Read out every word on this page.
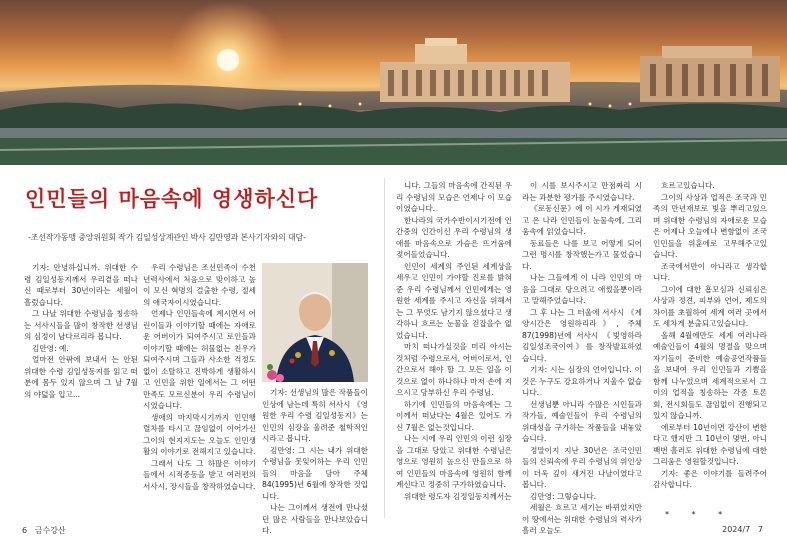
인민들의 마음속에 영생하신다
-조선작가동맹 중앙위원회 작가 김일성상계관인 박사 김만영과 본사기자와의 대담-

기자: 안녕하십니까. 위대한 수령 김일성동지께서 우리곁을 떠나신 때로부터 30년이라는 세월이 흘렀습니다.

그 나날 위대한 수령님을 칭송하는 서사시들을 많이 창작한 선생님의 심정이 남다르리라 봅니다.

김만영: 예.

얼마전 안팎에 보내서 는 안된 위대한 수령 김일성동지를 읽고 떠분에 몸두 있지 않으며 그 날 7월의 야덟을 입고...

우리 수령님은 조선민족이 수천년력사에서 처음으로 맞이하고 높이 모신 혁명의 걸출한 수령, 절세의 애국자이시였습니다.

언제나 인민들속에 계시면서 어린이들과 이야기할 때에는 자애로운 어버이가 되여주시고 로인들과 이야기할 때에는 허물없는 친우가 되여주시며 그들과 사소한 걱정도 없이 소탈하고 진박하게 생활하시고 인민을 위한 일에서는 그 어떤 만족도 모르신분이 우리 수령님이시였습니다.

생애의 마지막시기까지 인민행렬차를 타시고 끊임없이 이어가신 그이의 현지지도는 오늘도 인민생활의 이야기로 전해지고 있습니다.

그래서 나도 그 하많은 이야기들에서 시적종동을 받고 여러편의 서사시, 장시들을 창작하였습니다.

기자: 선생님의 많은 작품들이 인상에 남는데 특히 서사시 《영원한 우리 수령 김일성동지》는 인민의 심장을 울려준 철학적인 시라고 봅니다.

김만영: 그 시는 내가 위대한 수령님을 못잊어하는 우리 인민들의 마음을 담아 주체84(1995)년 6월에 창작한 것입니다.

나는 그이께서 생전에 만나셨던 많은 사람들을 만나보았습니다.

니다. 그들의 마음속에 간직된 우리 수령님의 모습은 언제나 이 모습이였습니다.

한나라의 국가수반이시기전에 인간중의 인간이신 우리 수령님의 생애를 마음속으로 가슴은 뜨거움에 젖어들었습니다.

인민이 세계의 주인된 세계상을 세우고 인민이 가야할 진로를 밝혀준 우리 수령님께서 인민에게는 영원한 세계를 주시고 자신을 위해서는 그 무엇도 남기지 않으셨다고 생각하니 흐르는 눈물을 걷잡을수 없었습니다.

마치 떠나가실것을 미리 아시는것처럼 수령으로서, 어버이로서, 인간으로서 해야 할 그 모든 일을 이것으로 없이 하나하나 마저 손에 지으시고 당부하신 우리 수령님.

하기에 인민들의 마음속에는 그이께서 떠났다는 4월은 있어도 가신 7월은 없는것입니다.

나는 시에 우리 인민의 이런 심장을 그대로 당았고 위대한 수령님은 영으로 영원히 높으신 만들으로 하여 인민들의 마음속에 영원히 함께 계신다고 정중히 구가하였습니다.

위대한 령도자 김정일동지께서는

이 시를 보시주시고 만점짜리 시라는 과분한 평가를 주시였습니다.

《로동신문》에 이 시가 게재되였고 온 나라 인민들이 눈물속에, 그리움속에 읽었습니다.

동료들은 나를 보고 어떻게 되어 그런 명시를 창작했는가고 물었습니다.

나는 그들에게 이 나라 인민의 마음을 그대로 당으려고 애썼을뿐이라고 말해주었습니다.

그 후 나는 그 터울에 서사시 《계양시간은 영원하리라》, 주체87(1998)년에 서사시 《빛영하라 김일성조국이여》를 창작발표하였습니다.

기자: 시는 심장의 언어입니다. 이것은 누구도 강요하거나 지울수 없습니다.

선생님뿐 아니라 수많은 시인들과 작가들, 예술인들이 우리 수령님의 위대성을 구가하는 작품들을 내놓았습니다.

정말이지 지난 30년은 조국인민들의 신뢰속에 우리 수령님의 위인상이 더욱 깊이 새겨진 나날이였다고 봅니다.

김만영: 그렇습니다.

세월은 흐르고 세기는 바뀌었지만 이 땅에서는 위대한 수령님의 력사가 흘러 오늘도

흐르고있습니다.

그이의 사상과 업적은 조국과 민족의 만년재보로 빛을 뿌리고있으며 위대한 수령님의 자애로운 모습은 어제나 오늘에나 변함없이 조국인민들을 위훈에로 고무해주고있습니다.

조국에서만이 아니라고 생각합니다.

그이에 대한 흠모심과 신뢰심은 사상과 정견, 피부와 언어, 제도의 차이를 초월하여 세계 여러 곳에서도 세차게 분출되고있습니다.

올해 4월에만도 세계 여러나라 예술인들이 4월의 명절을 맞으며 자기들이 준비한 예술공연작품들을 보내여 우리 인민들과 기쁨을 함께 나누었으며 세계적으로서 그이의 업적을 칭송하는 각종 토론회, 전시회들도 끊임없이 진행되고있지 않습니까.

에로부터 10년이면 강산이 변한다고 했지만 그 10년이 몇번, 아니 백번 흘러도 위대한 수령님에 대한 그리움은 영원할것입니다.

기자: 좋은 이야기를 들려주어 감사합니다.

* * *
6 금수강산	2024/7 7
